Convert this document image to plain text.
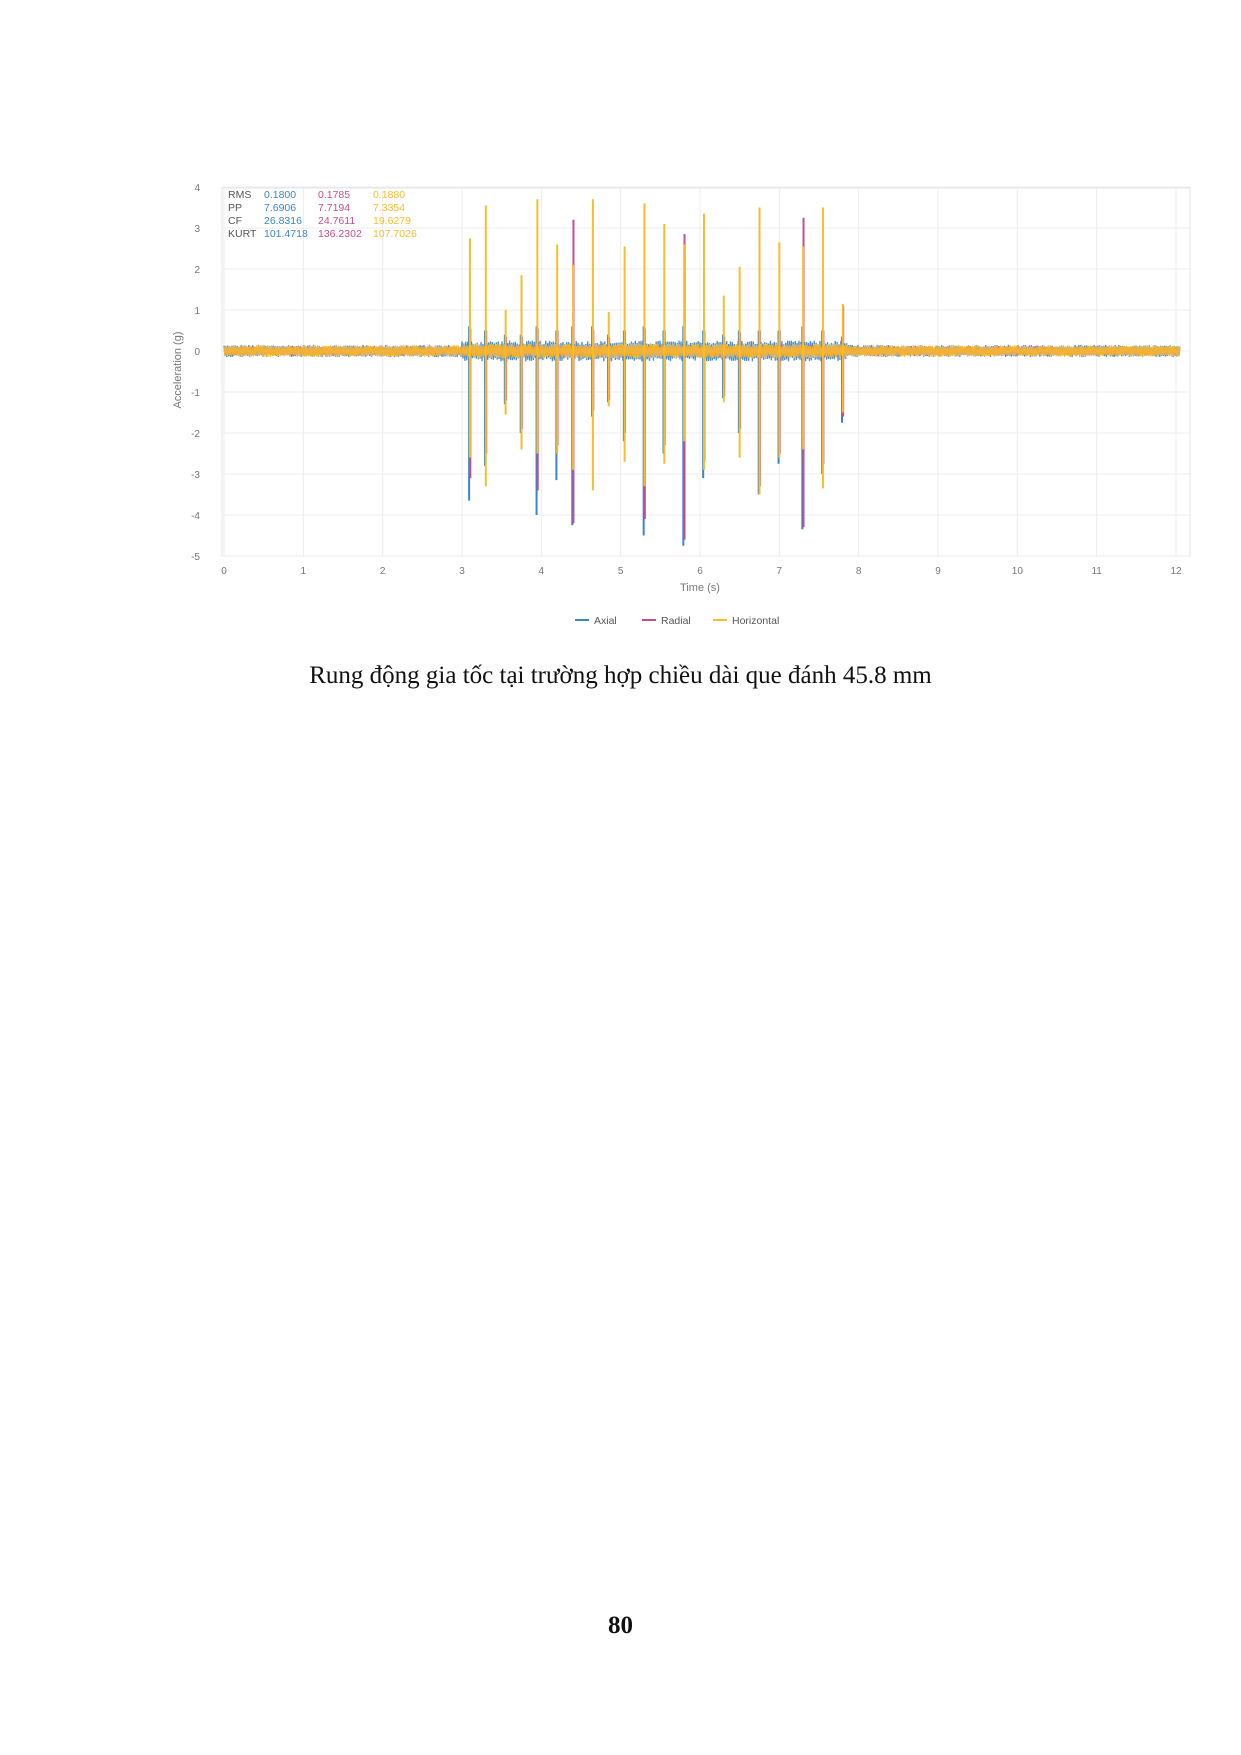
0	1	2	3	4	5	6	7	8	9	10	11	12
4
3
2
1
0
-1
-2
-3
-4
-5
Time (s)
Acceleration (g)
RMS 0.1800 0.1785 0.1880
PP 7.6906 7.7194 7.3354
CF 26.8316 24.7611 19.6279
KURT 101.4718 136.2302 107.7026
Axial	Radial	Horizontal
Rung động gia tốc tại trường hợp chiều dài que đánh 45.8 mm
80
